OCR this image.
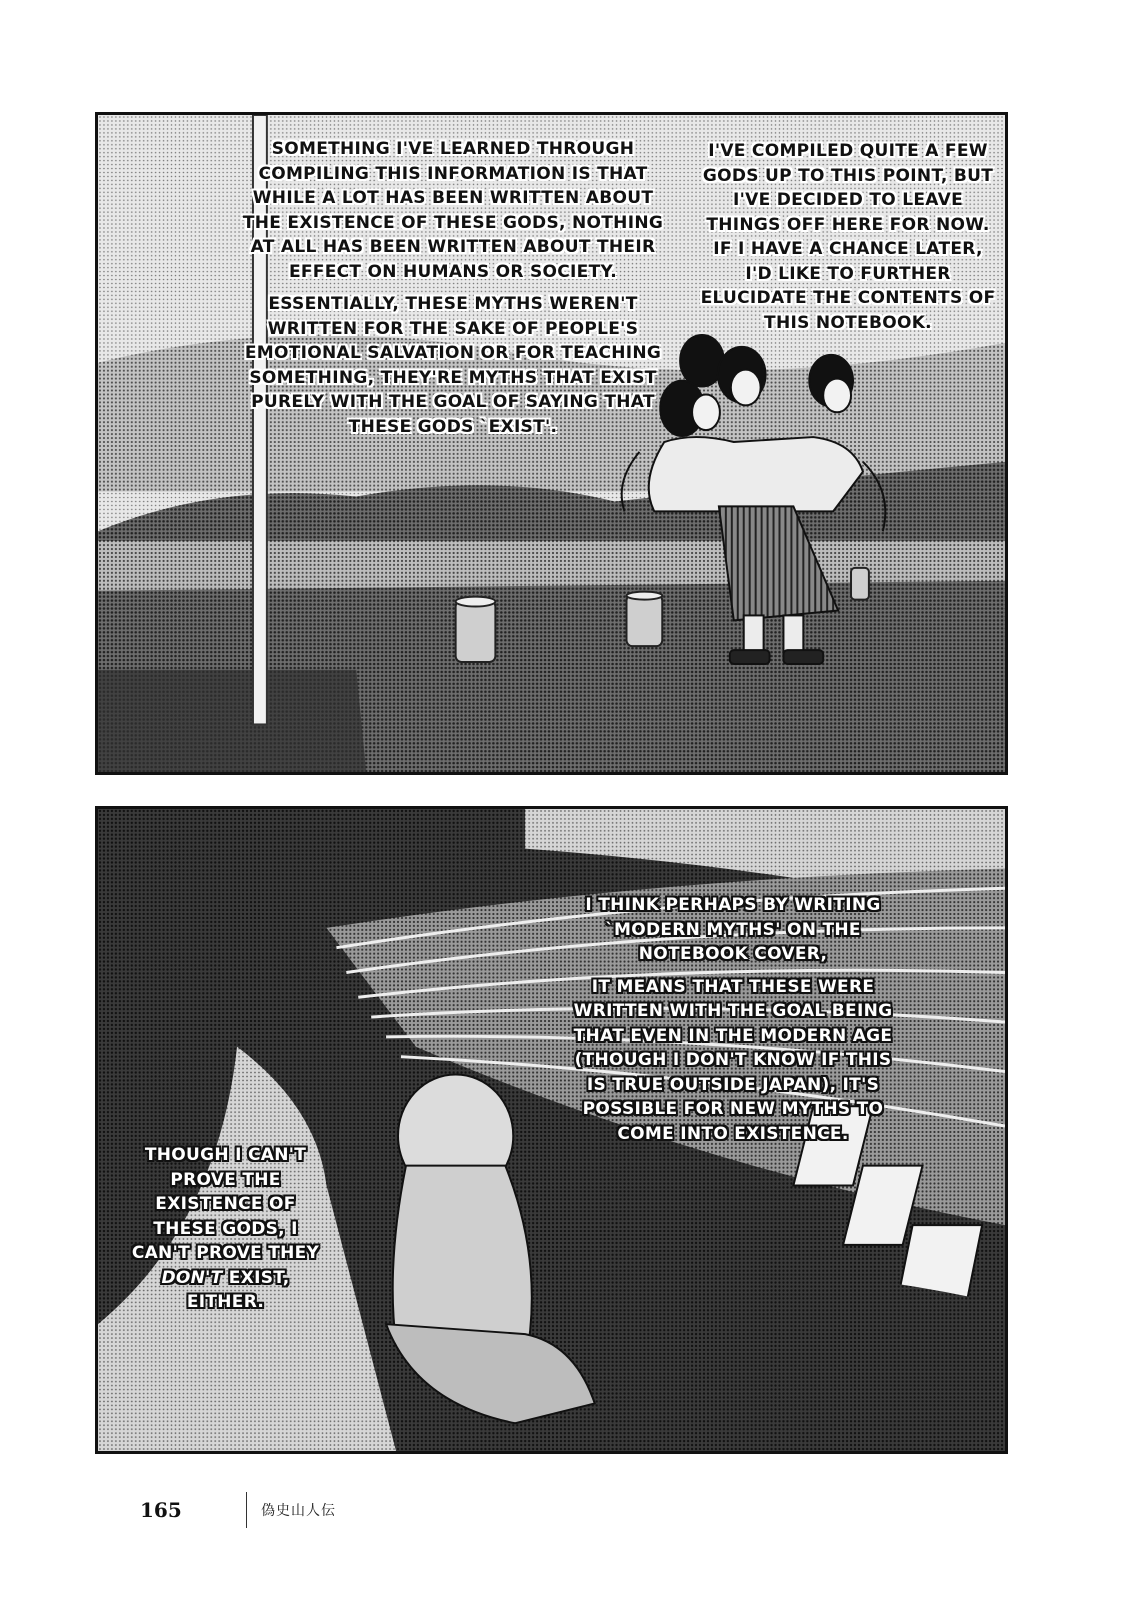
SOMETHING I'VE LEARNED THROUGH COMPILING THIS INFORMATION IS THAT WHILE A LOT HAS BEEN WRITTEN ABOUT THE EXISTENCE OF THESE GODS, NOTHING AT ALL HAS BEEN WRITTEN ABOUT THEIR EFFECT ON HUMANS OR SOCIETY.

ESSENTIALLY, THESE MYTHS WEREN'T WRITTEN FOR THE SAKE OF PEOPLE'S EMOTIONAL SALVATION OR FOR TEACHING SOMETHING, THEY'RE MYTHS THAT EXIST PURELY WITH THE GOAL OF SAYING THAT THESE GODS `EXIST'.

I'VE COMPILED QUITE A FEW GODS UP TO THIS POINT, BUT I'VE DECIDED TO LEAVE THINGS OFF HERE FOR NOW. IF I HAVE A CHANCE LATER, I'D LIKE TO FURTHER ELUCIDATE THE CONTENTS OF THIS NOTEBOOK.

I THINK PERHAPS BY WRITING `MODERN MYTHS' ON THE NOTEBOOK COVER,

IT MEANS THAT THESE WERE WRITTEN WITH THE GOAL BEING THAT EVEN IN THE MODERN AGE (THOUGH I DON'T KNOW IF THIS IS TRUE OUTSIDE JAPAN), IT'S POSSIBLE FOR NEW MYTHS TO COME INTO EXISTENCE.

THOUGH I CAN'T PROVE THE EXISTENCE OF THESE GODS, I CAN'T PROVE THEY DON'T EXIST, EITHER.

165	偽史山人伝
